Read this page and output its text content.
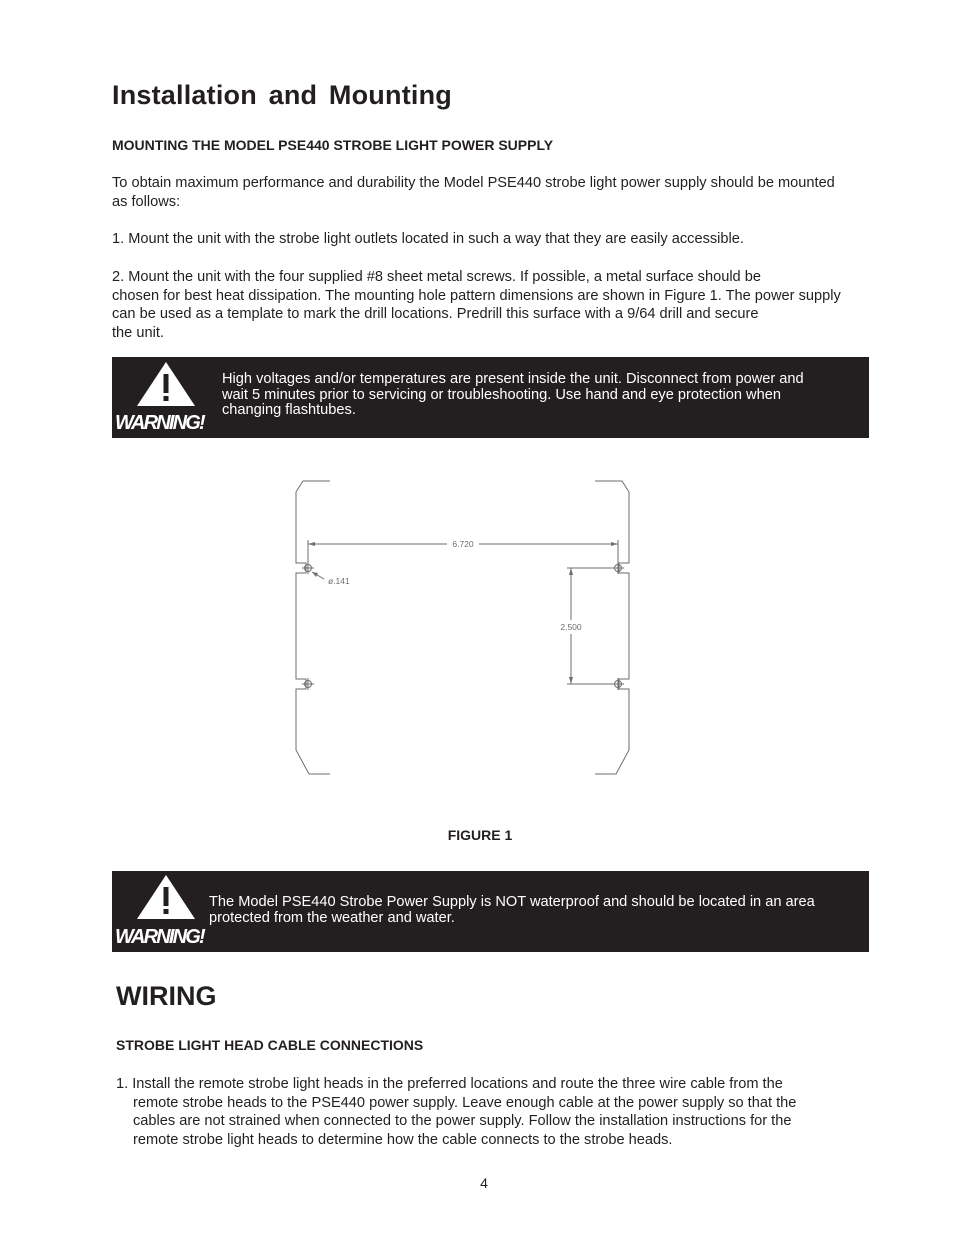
Installation and Mounting
MOUNTING THE MODEL PSE440 STROBE LIGHT POWER SUPPLY
To obtain maximum performance and durability the Model PSE440 strobe light power supply should be mounted
as follows:
1. Mount the unit with the strobe light outlets located in such a way that they are easily accessible.
2. Mount the unit with the four supplied #8 sheet metal screws. If possible, a metal surface should be
chosen for best heat dissipation. The mounting hole pattern dimensions are shown in Figure 1. The power supply
can be used as a template to mark the drill locations. Predrill this surface with a 9/64 drill and secure
the unit.
WARNING!
High voltages and/or temperatures are present inside the unit. Disconnect from power and
wait 5 minutes prior to servicing or troubleshooting. Use hand and eye protection when
changing flashtubes.
6.720
2.500
ø.141
FIGURE 1
WARNING!
The Model PSE440 Strobe Power Supply is NOT waterproof and should be located in an area
protected from the weather and water.
WIRING
STROBE LIGHT HEAD CABLE CONNECTIONS
1. Install the remote strobe light heads in the preferred locations and route the three wire cable from the
remote strobe heads to the PSE440 power supply. Leave enough cable at the power supply so that the
cables are not strained when connected to the power supply. Follow the installation instructions for the
remote strobe light heads to determine how the cable connects to the strobe heads.
4
